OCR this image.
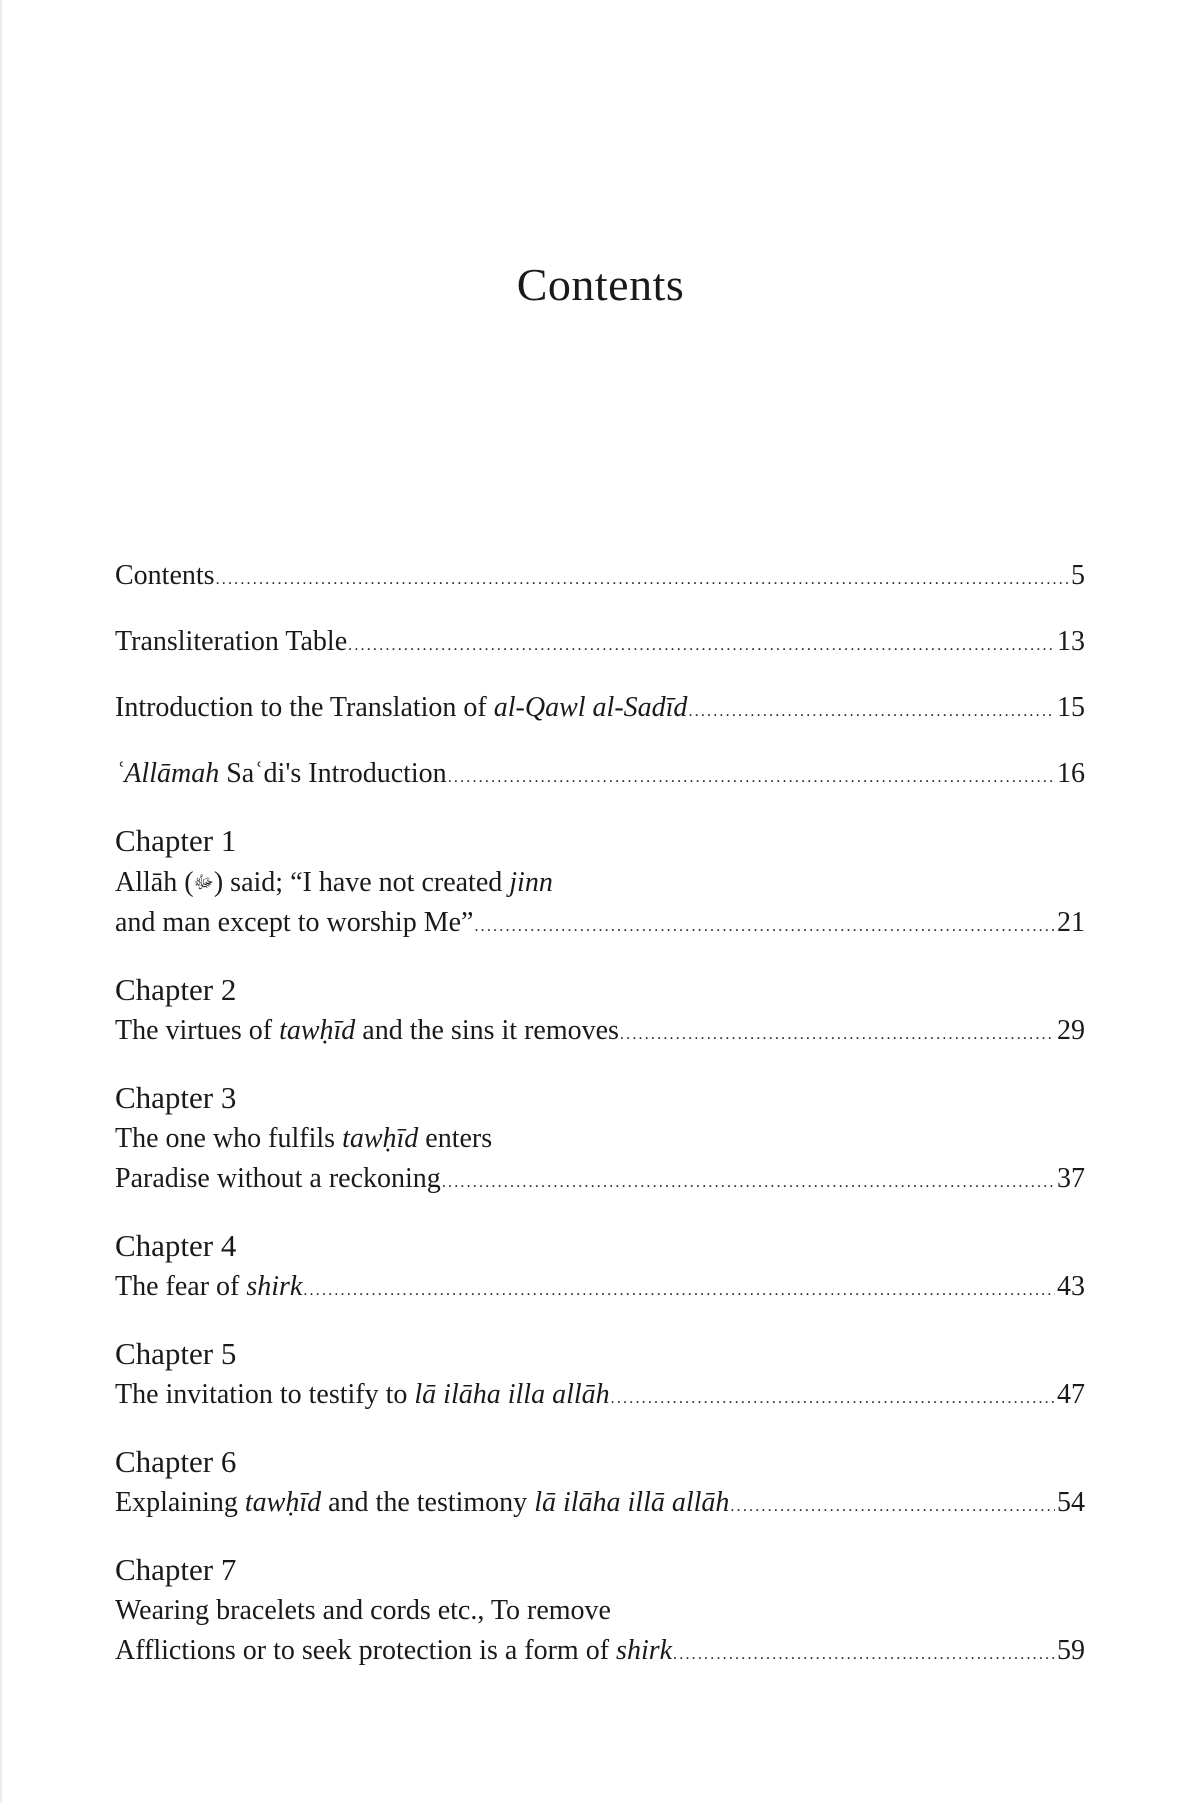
Contents
Contents .....	5
Transliteration Table .....	13
Introduction to the Translation of al-Qawl al-Sadīd .....	15
ʿAllāmah Saʿdi's Introduction .....	16
Chapter 1
Allāh (ﷻ) said; “I have not created jinn
and man except to worship Me” .....	21
Chapter 2
The virtues of tawḥīd and the sins it removes .....	29
Chapter 3
The one who fulfils tawḥīd enters
Paradise without a reckoning .....	37
Chapter 4
The fear of shirk .....	43
Chapter 5
The invitation to testify to lā ilāha illa allāh .....	47
Chapter 6
Explaining tawḥīd and the testimony lā ilāha illā allāh .....	54
Chapter 7
Wearing bracelets and cords etc., To remove
Afflictions or to seek protection is a form of shirk .....	59
